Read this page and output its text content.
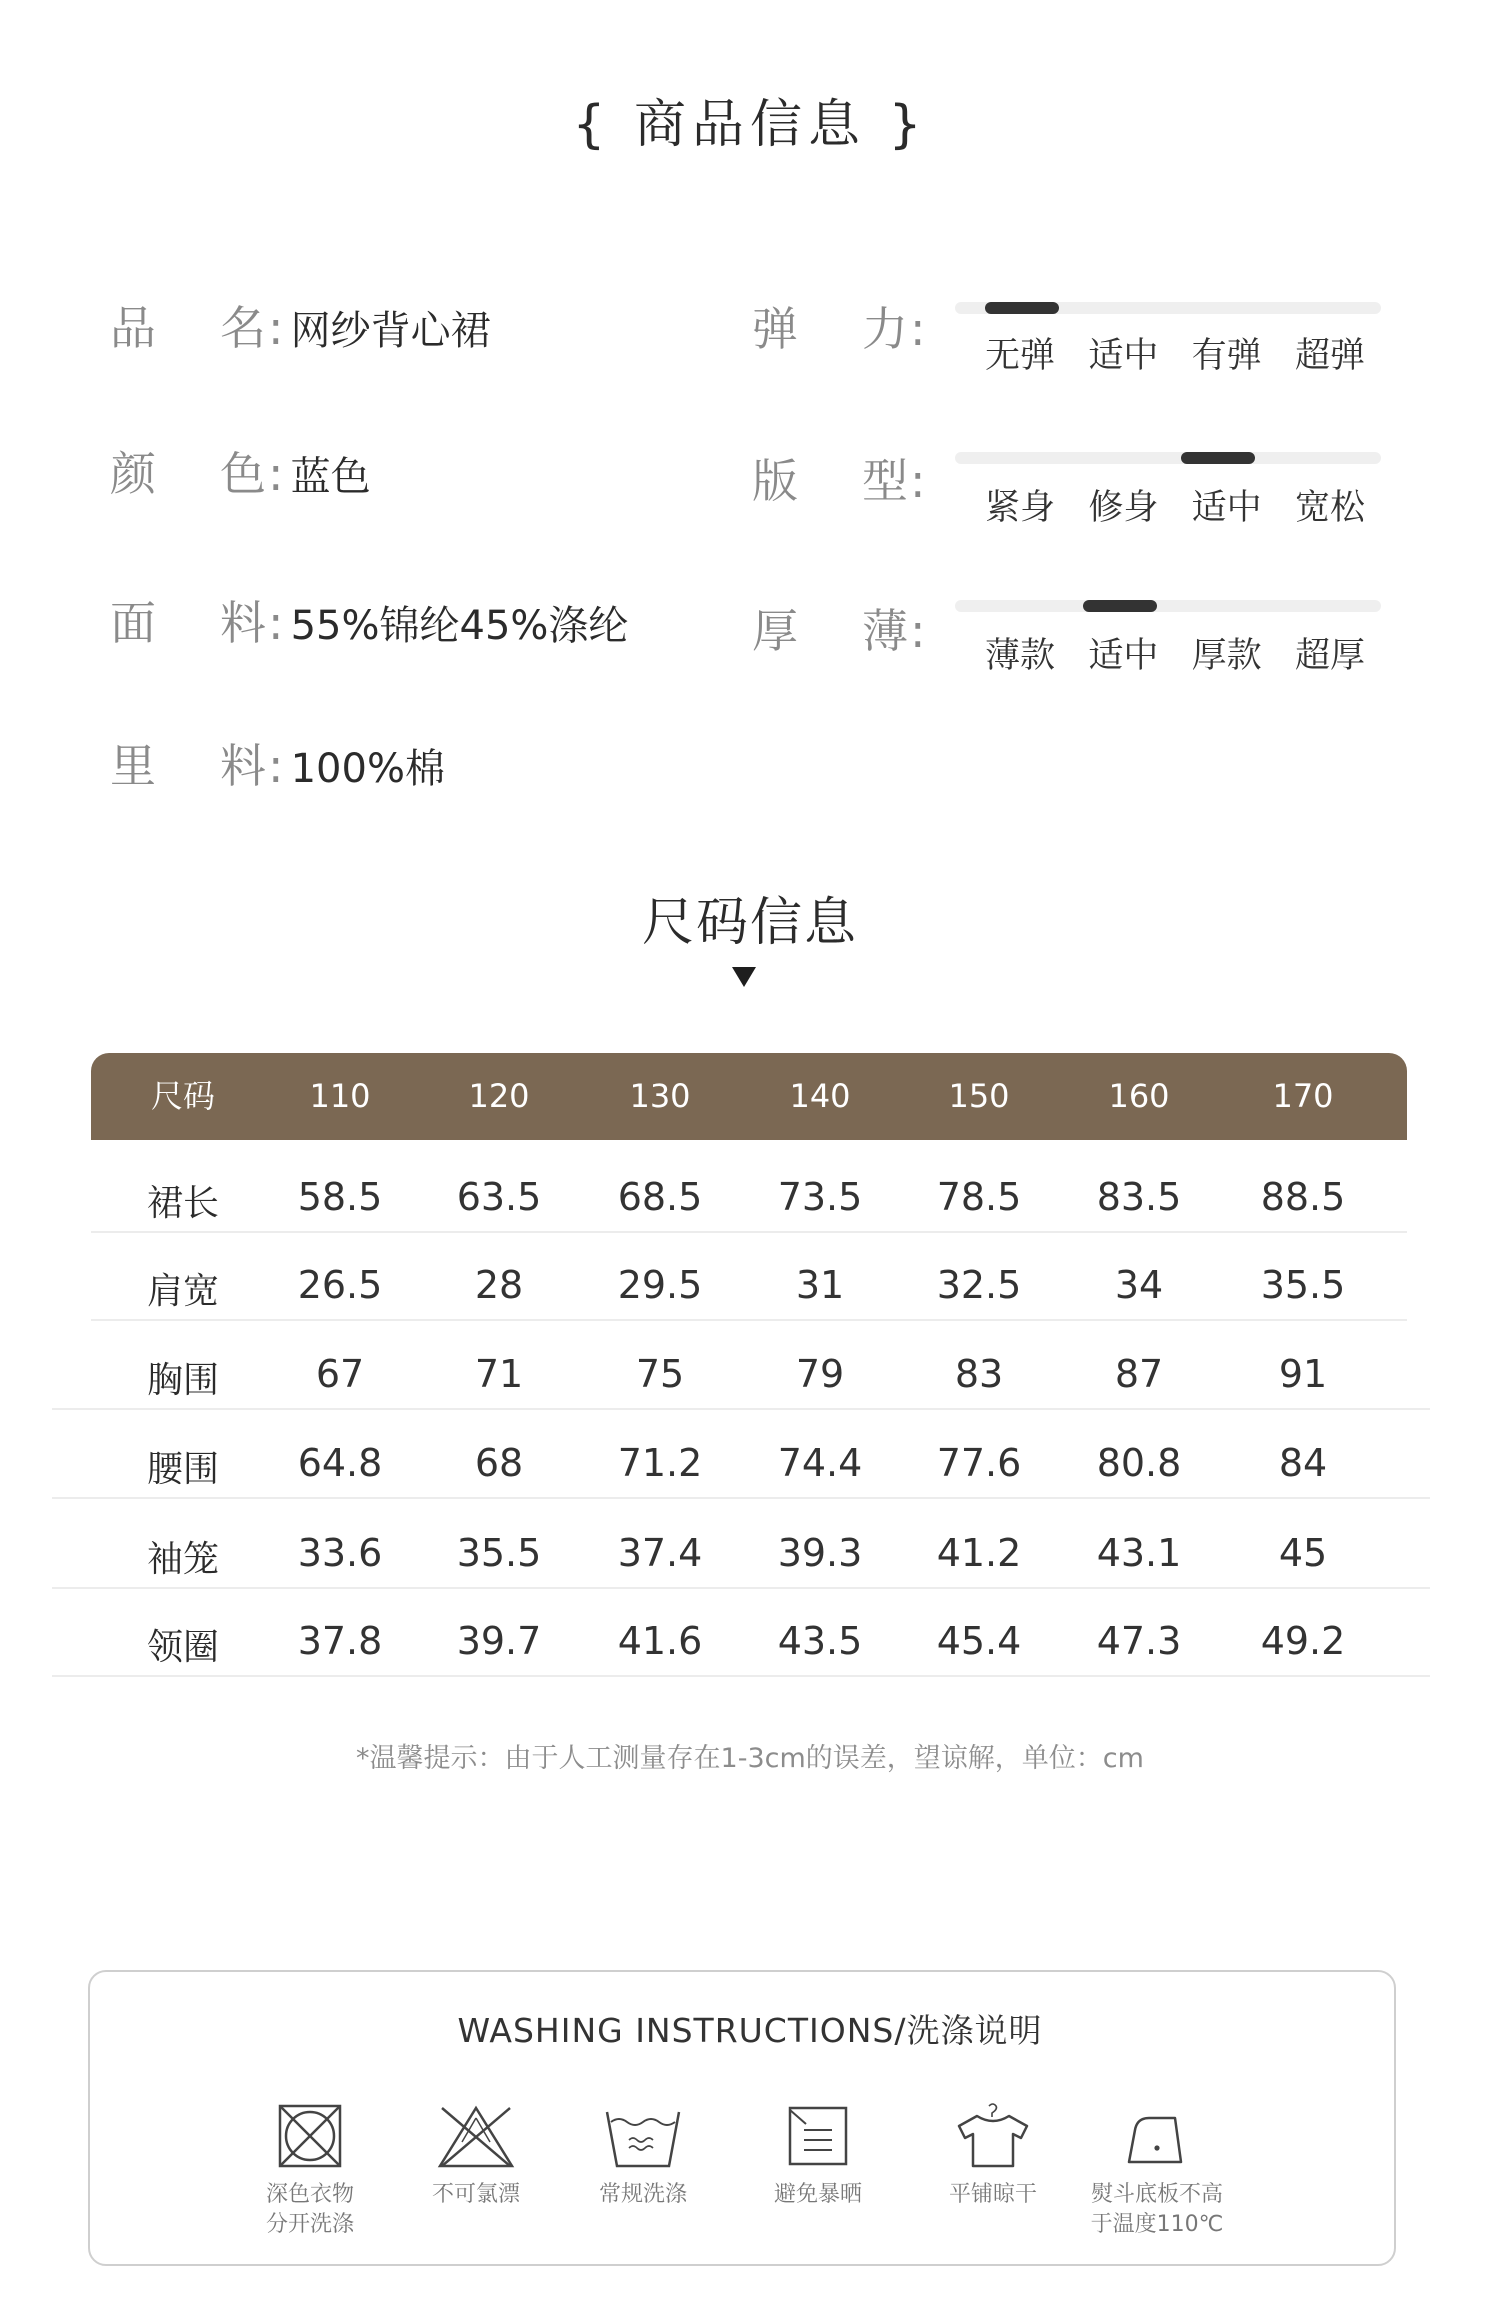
{ 商品信息 }
品 名: 网纱背心裙
颜 色: 蓝色
面 料: 55%锦纶45%涤纶
里 料: 100%棉
弹 力: 无弹 适中 有弹 超弹
版 型: 紧身 修身 适中 宽松
厚 薄: 薄款 适中 厚款 超厚
尺码信息
尺码	110	120	130	140	150	160	170
裙长	58.5	63.5	68.5	73.5	78.5	83.5	88.5
肩宽	26.5	28	29.5	31	32.5	34	35.5
胸围	67	71	75	79	83	87	91
腰围	64.8	68	71.2	74.4	77.6	80.8	84
袖笼	33.6	35.5	37.4	39.3	41.2	43.1	45
领圈	37.8	39.7	41.6	43.5	45.4	47.3	49.2
*温馨提示：由于人工测量存在1-3cm的误差，望谅解，单位：cm
WASHING INSTRUCTIONS/洗涤说明
深色衣物
分开洗涤
不可氯漂	常规洗涤	避免暴晒	平铺晾干	熨斗底板不高
于温度110℃
